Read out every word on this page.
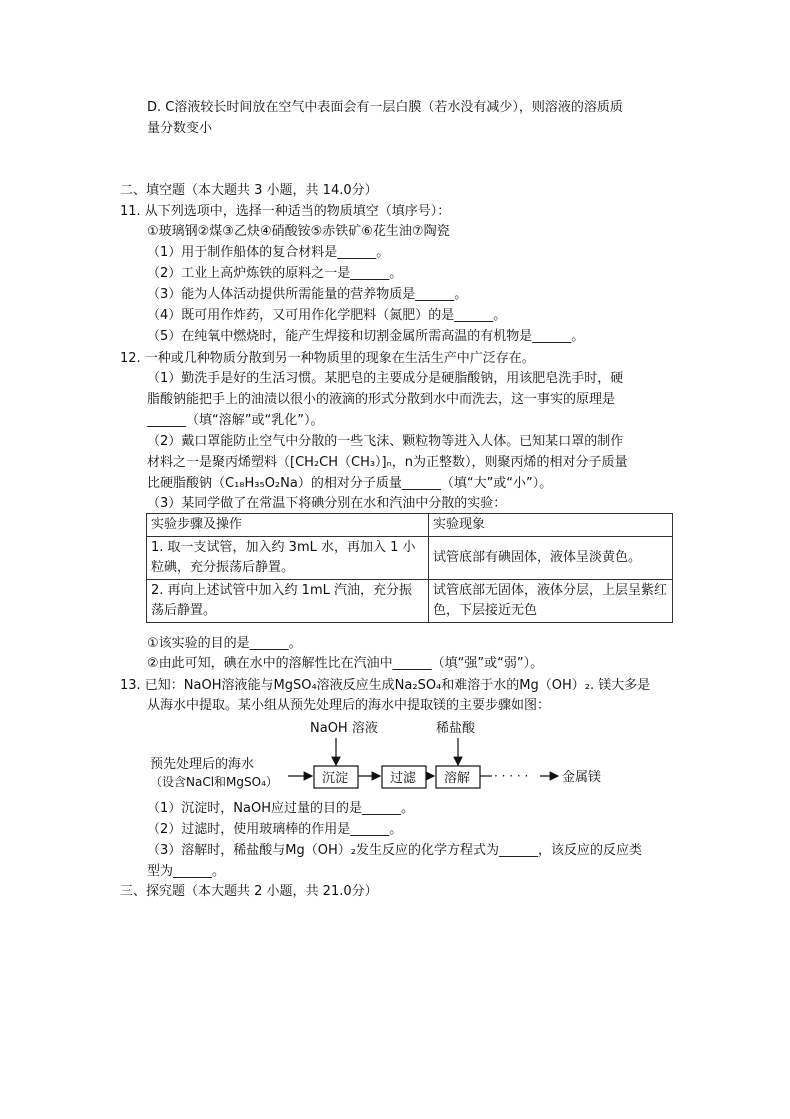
D. C溶液较长时间放在空气中表面会有一层白膜（若水没有减少），则溶液的溶质质
量分数变小
二、填空题（本大题共 3 小题，共 14.0分）
11. 从下列选项中，选择一种适当的物质填空（填序号）：
①玻璃钢②煤③乙炔④硝酸铵⑤赤铁矿⑥花生油⑦陶瓷
（1）用于制作船体的复合材料是______。
（2）工业上高炉炼铁的原料之一是______。
（3）能为人体活动提供所需能量的营养物质是______。
（4）既可用作炸药，又可用作化学肥料（氮肥）的是______。
（5）在纯氧中燃烧时，能产生焊接和切割金属所需高温的有机物是______。
12. 一种或几种物质分散到另一种物质里的现象在生活生产中广泛存在。
（1）勤洗手是好的生活习惯。某肥皂的主要成分是硬脂酸钠，用该肥皂洗手时，硬
脂酸钠能把手上的油渍以很小的液滴的形式分散到水中而洗去，这一事实的原理是
______（填“溶解”或“乳化”）。
（2）戴口罩能防止空气中分散的一些飞沫、颗粒物等进入人体。已知某口罩的制作
材料之一是聚丙烯塑料（[CH₂CH（CH₃）]ₙ，n为正整数），则聚丙烯的相对分子质量
比硬脂酸钠（C₁₈H₃₅O₂Na）的相对分子质量______（填“大”或“小”）。
（3）某同学做了在常温下将碘分别在水和汽油中分散的实验：
实验步骤及操作	实验现象
1. 取一支试管，加入约 3mL 水，再加入 1 小粒碘，充分振荡后静置。	试管底部有碘固体，液体呈淡黄色。
2. 再向上述试管中加入约 1mL 汽油，充分振荡后静置。	试管底部无固体，液体分层，上层呈紫红色，下层接近无色
①该实验的目的是______。
②由此可知，碘在水中的溶解性比在汽油中______（填“强”或“弱”）。
13. 已知：NaOH溶液能与MgSO₄溶液反应生成Na₂SO₄和难溶于水的Mg（OH）₂. 镁大多是
从海水中提取。某小组从预先处理后的海水中提取镁的主要步骤如图：
NaOH 溶液	稀盐酸
预先处理后的海水
（设含NaCl和MgSO₄）	沉淀	过滤 溶解 · · · · ·	金属镁
（1）沉淀时，NaOH应过量的目的是______。
（2）过滤时，使用玻璃棒的作用是______。
（3）溶解时，稀盐酸与Mg（OH）₂发生反应的化学方程式为______，该反应的反应类
型为______。
三、探究题（本大题共 2 小题，共 21.0分）
